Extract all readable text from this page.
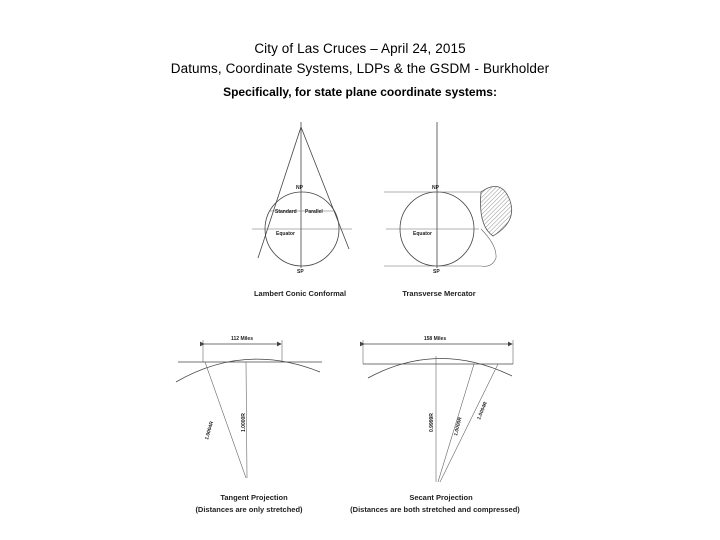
City of Las Cruces – April 24, 2015
Datums, Coordinate Systems, LDPs & the GSDM - Burkholder
Specifically, for state plane coordinate systems:
NP
Standard Parallel
Equator
SP
Lambert Conic Conformal
NP
Equator
SP
Transverse Mercator
112 Miles
1.0004R	1.0000R
Tangent Projection
(Distances are only stretched)
158 Miles
0.9999R	1.0000R
1.0004R
Secant Projection
(Distances are both stretched and compressed)
